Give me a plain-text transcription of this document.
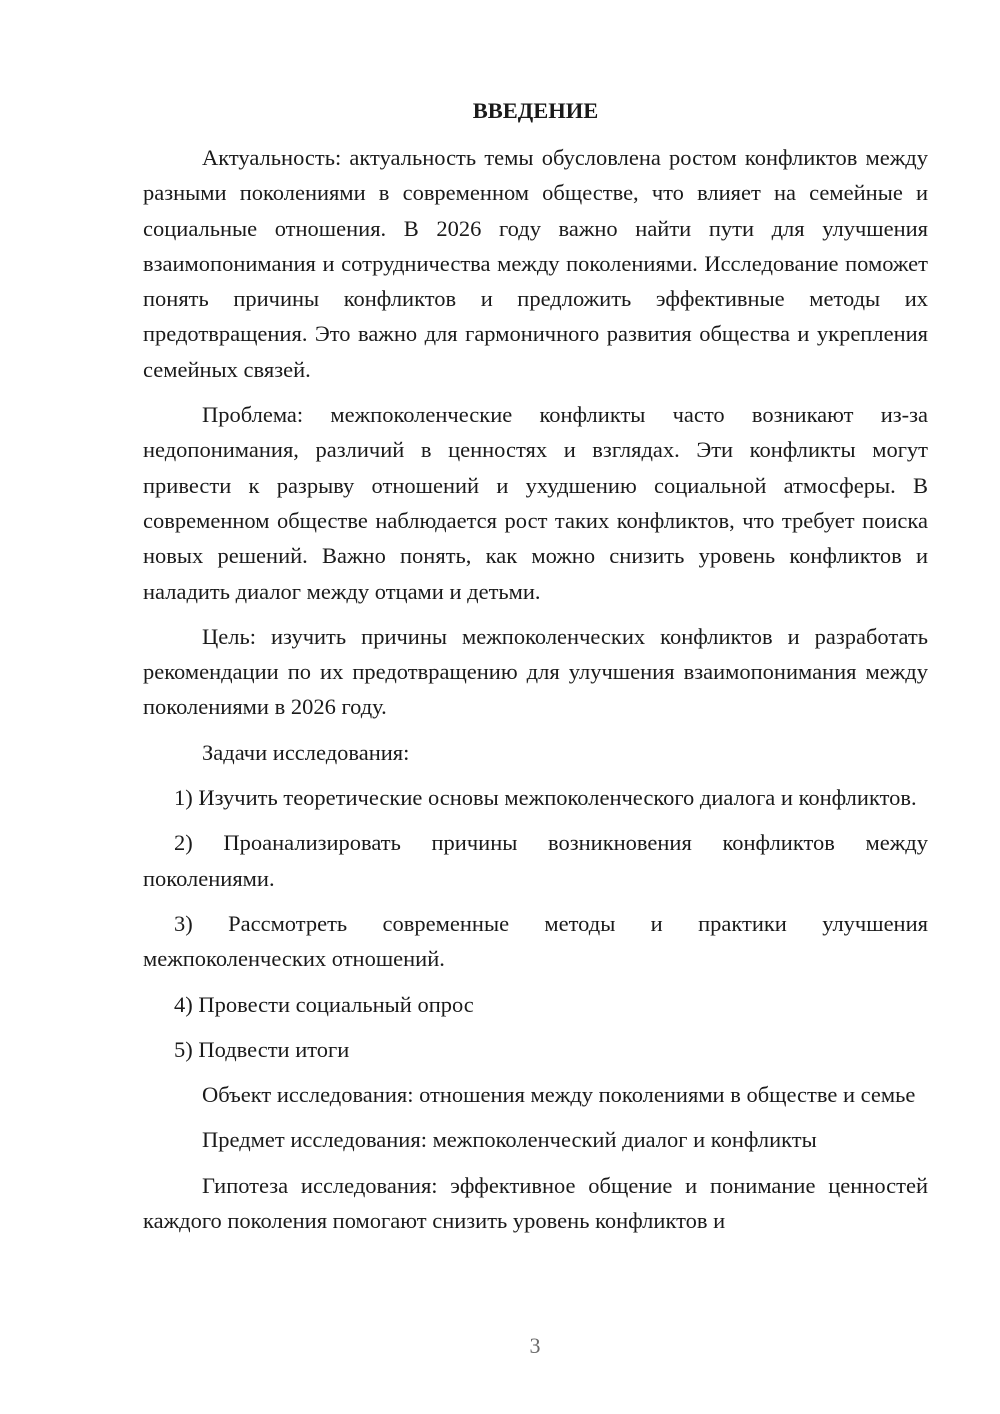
ВВЕДЕНИЕ

Актуальность: актуальность темы обусловлена ростом конфликтов между разными поколениями в современном обществе, что влияет на семейные и социальные отношения. В 2026 году важно найти пути для улучшения взаимопонимания и сотрудничества между поколениями. Исследование поможет понять причины конфликтов и предложить эффективные методы их предотвращения. Это важно для гармоничного развития общества и укрепления семейных связей.

Проблема: межпоколенческие конфликты часто возникают из-за недопонимания, различий в ценностях и взглядах. Эти конфликты могут привести к разрыву отношений и ухудшению социальной атмосферы. В современном обществе наблюдается рост таких конфликтов, что требует поиска новых решений. Важно понять, как можно снизить уровень конфликтов и наладить диалог между отцами и детьми.

Цель: изучить причины межпоколенческих конфликтов и разработать рекомендации по их предотвращению для улучшения взаимопонимания между поколениями в 2026 году.

Задачи исследования:

1) Изучить теоретические основы межпоколенческого диалога и конфликтов.

2) Проанализировать причины возникновения конфликтов между поколениями.

3) Рассмотреть современные методы и практики улучшения межпоколенческих отношений.

4) Провести социальный опрос

5) Подвести итоги

Объект исследования: отношения между поколениями в обществе и семье

Предмет исследования: межпоколенческий диалог и конфликты

Гипотеза исследования: эффективное общение и понимание ценностей каждого поколения помогают снизить уровень конфликтов и

3
